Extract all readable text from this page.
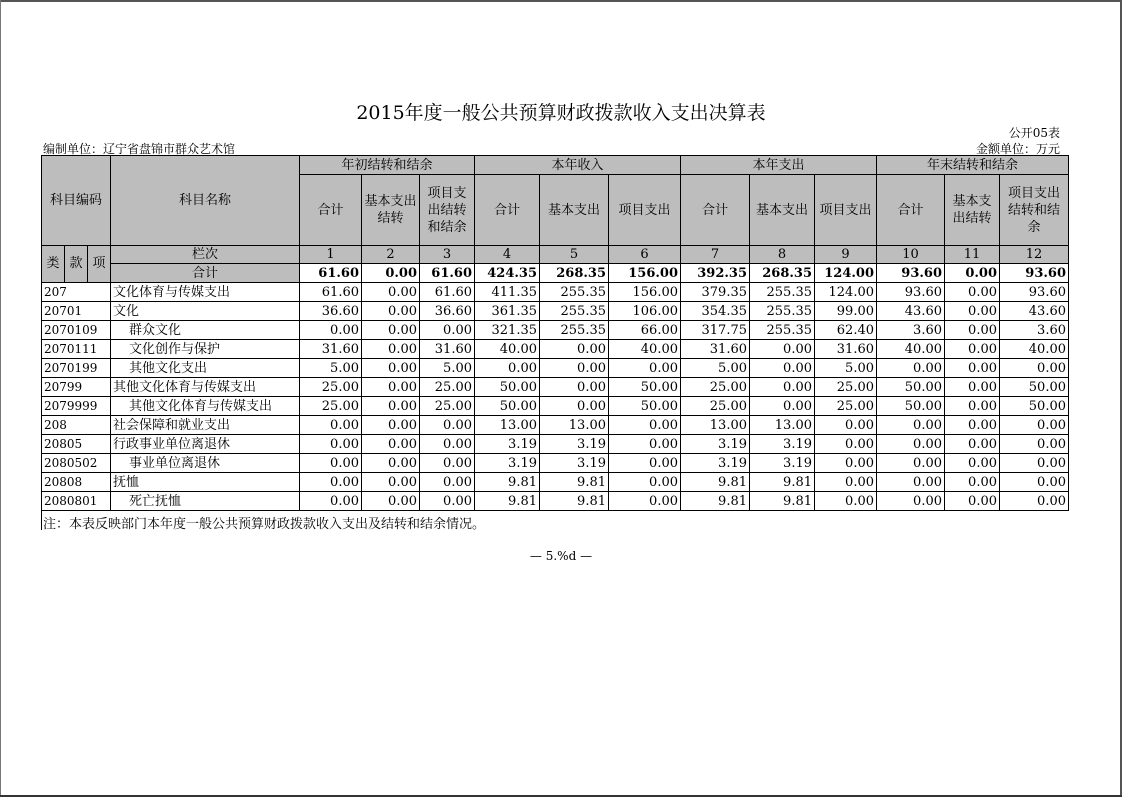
2015年度一般公共预算财政拨款收入支出决算表
公开05表
编制单位：辽宁省盘锦市群众艺术馆	金额单位：万元
科目编码			科目名称	年初结转和结余			本年收入			本年支出			年末结转和结余		
				合计	基本支出结转	项目支出结转和结余	合计	基本支出	项目支出	合计	基本支出	项目支出	合计	基本支出结转	项目支出结转和结余
类	款	项	栏次	1	2	3	4	5	6	7	8	9	10	11	12
			合计	61.60	0.00	61.60	424.35	268.35	156.00	392.35	268.35	124.00	93.60	0.00	93.60
207			文化体育与传媒支出	61.60	0.00	61.60	411.35	255.35	156.00	379.35	255.35	124.00	93.60	0.00	93.60
20701			文化	36.60	0.00	36.60	361.35	255.35	106.00	354.35	255.35	99.00	43.60	0.00	43.60
2070109			群众文化	0.00	0.00	0.00	321.35	255.35	66.00	317.75	255.35	62.40	3.60	0.00	3.60
2070111			文化创作与保护	31.60	0.00	31.60	40.00	0.00	40.00	31.60	0.00	31.60	40.00	0.00	40.00
2070199			其他文化支出	5.00	0.00	5.00	0.00	0.00	0.00	5.00	0.00	5.00	0.00	0.00	0.00
20799			其他文化体育与传媒支出	25.00	0.00	25.00	50.00	0.00	50.00	25.00	0.00	25.00	50.00	0.00	50.00
2079999			其他文化体育与传媒支出	25.00	0.00	25.00	50.00	0.00	50.00	25.00	0.00	25.00	50.00	0.00	50.00
208			社会保障和就业支出	0.00	0.00	0.00	13.00	13.00	0.00	13.00	13.00	0.00	0.00	0.00	0.00
20805			行政事业单位离退休	0.00	0.00	0.00	3.19	3.19	0.00	3.19	3.19	0.00	0.00	0.00	0.00
2080502			事业单位离退休	0.00	0.00	0.00	3.19	3.19	0.00	3.19	3.19	0.00	0.00	0.00	0.00
20808			抚恤	0.00	0.00	0.00	9.81	9.81	0.00	9.81	9.81	0.00	0.00	0.00	0.00
2080801			死亡抚恤	0.00	0.00	0.00	9.81	9.81	0.00	9.81	9.81	0.00	0.00	0.00	0.00
注：本表反映部门本年度一般公共预算财政拨款收入支出及结转和结余情况。
— 5.%d —
